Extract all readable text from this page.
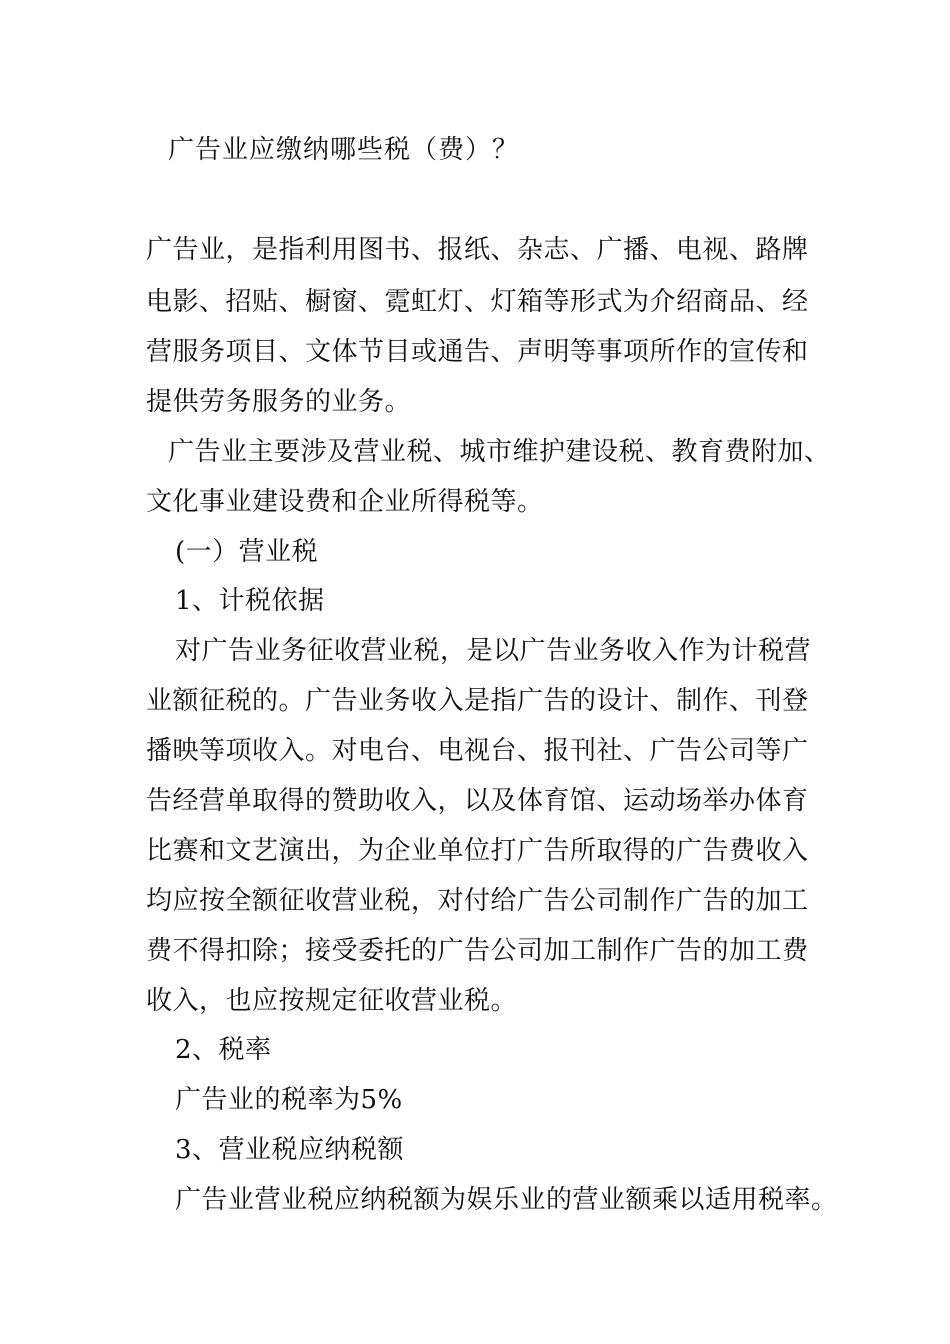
广告业应缴纳哪些税（费）？
广告业，是指利用图书、报纸、杂志、广播、电视、路牌
电影、招贴、橱窗、霓虹灯、灯箱等形式为介绍商品、经
营服务项目、文体节目或通告、声明等事项所作的宣传和
提供劳务服务的业务。
广告业主要涉及营业税、城市维护建设税、教育费附加、
文化事业建设费和企业所得税等。
(一）营业税
1、计税依据
对广告业务征收营业税，是以广告业务收入作为计税营
业额征税的。广告业务收入是指广告的设计、制作、刊登
播映等项收入。对电台、电视台、报刊社、广告公司等广
告经营单取得的赞助收入，以及体育馆、运动场举办体育
比赛和文艺演出，为企业单位打广告所取得的广告费收入
均应按全额征收营业税，对付给广告公司制作广告的加工
费不得扣除；接受委托的广告公司加工制作广告的加工费
收入，也应按规定征收营业税。
2、税率
广告业的税率为5%
3、营业税应纳税额
广告业营业税应纳税额为娱乐业的营业额乘以适用税率。
